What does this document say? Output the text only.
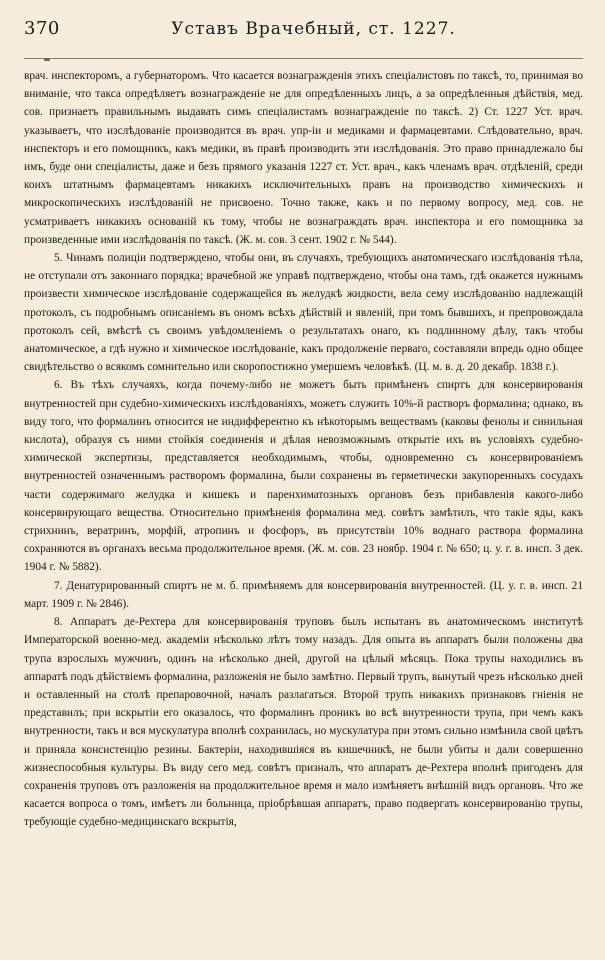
370	Уставъ Врачебный, ст. 1227.

врач. инспекторомъ, а губернаторомъ. Что касается вознагражденія этихъ спеціалистовъ по таксѣ, то, принимая во вниманіе, что такса опредѣляетъ вознагражденіе не для опредѣленныхъ лицъ, а за опредѣленныя дѣйствія, мед. сов. признаетъ правильнымъ выдавать симъ спеціалистамъ вознагражденіе по таксѣ. 2) Ст. 1227 Уст. врач. указываетъ, что изслѣдованіе производится въ врач. упр-іи и медиками и фармацевтами. Слѣдовательно, врач. инспекторъ и его помощникъ, какъ медики, въ правѣ производить эти изслѣдованія. Это право принадлежало бы имъ, буде они спеціалисты, даже и безъ прямого указанія 1227 ст. Уст. врач., какъ членамъ врач. отдѣленій, среди коихъ штатнымъ фармацевтамъ никакихъ исключительныхъ правъ на производство химическихъ и микроскопическихъ изслѣдованій не присвоено. Точно также, какъ и по первому вопросу, мед. сов. не усматриваетъ никакихъ основаній къ тому, чтобы не вознаграждать врач. инспектора и его помощника за произведенные ими изслѣдованія по таксѣ. (Ж. м. сов. 3 сент. 1902 г. № 544).

5. Чинамъ полиціи подтверждено, чтобы они, въ случаяхъ, требующихъ анатомическаго изслѣдованія тѣла, не отступали отъ законнаго порядка; врачебной же управѣ подтверждено, чтобы она тамъ, гдѣ окажется нужнымъ произвести химическое изслѣдованіе содержащейся въ желудкѣ жидкости, вела сему изслѣдованію надлежащій протоколъ, съ подробнымъ описаніемъ въ ономъ всѣхъ дѣйствій и явленій, при томъ бывшихъ, и препровождала протоколъ сей, вмѣстѣ съ своимъ увѣдомленіемъ о результатахъ онаго, къ подлинному дѣлу, такъ чтобы анатомическое, а гдѣ нужно и химическое изслѣдованіе, какъ продолженіе перваго, составляли впредь одно общее свидѣтельство о всякомъ сомнительно или скоропостижно умершемъ человѣкѣ. (Ц. м. в. д. 20 декабр. 1838 г.).

6. Въ тѣхъ случаяхъ, когда почему-либо не можетъ быть примѣненъ спиртъ для консервированія внутренностей при судебно-химическихъ изслѣдованіяхъ, можетъ служить 10%-й растворъ формалина; однако, въ виду того, что формалинъ относится не индифферентно къ нѣкоторымъ веществамъ (каковы фенолы и синильная кислота), образуя съ ними стойкія соединенія и дѣлая невозможнымъ открытіе ихъ въ условіяхъ судебно-химической экспертизы, представляется необходимымъ, чтобы, одновременно съ консервированіемъ внутренностей означеннымъ растворомъ формалина, были сохранены въ герметически закупоренныхъ сосудахъ части содержимаго желудка и кишекъ и паренхиматозныхъ органовъ безъ прибавленія какого-либо консервирующаго вещества. Относительно примѣненія формалина мед. совѣтъ замѣтилъ, что такіе яды, какъ стрихнинъ, вератринъ, морфій, атропинъ и фосфоръ, въ присутствіи 10% воднаго раствора формалина сохраняются въ органахъ весьма продолжительное время. (Ж. м. сов. 23 ноябр. 1904 г. № 650; ц. у. г. в. инсп. 3 дек. 1904 г. № 5882).

7. Денатурированный спиртъ не м. б. примѣняемъ для консервированія внутренностей. (Ц. у. г. в. инсп. 21 март. 1909 г. № 2846).

8. Аппаратъ де-Рехтера для консервированія труповъ былъ испытанъ въ анатомическомъ институтѣ Императорской военно-мед. академіи нѣсколько лѣтъ тому назадъ. Для опыта въ аппаратъ были положены два трупа взрослыхъ мужчинъ, одинъ на нѣсколько дней, другой на цѣлый мѣсяцъ. Пока трупы находились въ аппаратѣ подъ дѣйствіемъ формалина, разложенія не было замѣтно. Первый трупъ, вынутый чрезъ нѣсколько дней и оставленный на столѣ препаровочной, началъ разлагаться. Второй трупъ никакихъ признаковъ гніенія не представилъ; при вскрытіи его оказалось, что формалинъ проникъ во всѣ внутренности трупа, при чемъ какъ внутренности, такъ и вся мускулатура вполнѣ сохранилась, но мускулатура при этомъ сильно измѣнила свой цвѣтъ и приняла консистенцію резины. Бактеріи, находившіяся въ кишечникѣ, не были убиты и дали совершенно жизнеспособныя культуры. Въ виду сего мед. совѣтъ призналъ, что аппаратъ де-Рехтера вполнѣ пригоденъ для сохраненія труповъ отъ разложенія на продолжительное время и мало измѣняетъ внѣшній видъ органовъ. Что же касается вопроса о томъ, имѣетъ ли больница, пріобрѣвшая аппаратъ, право подвергать консервированію трупы, требующіе судебно-медицинскаго вскрытія,
